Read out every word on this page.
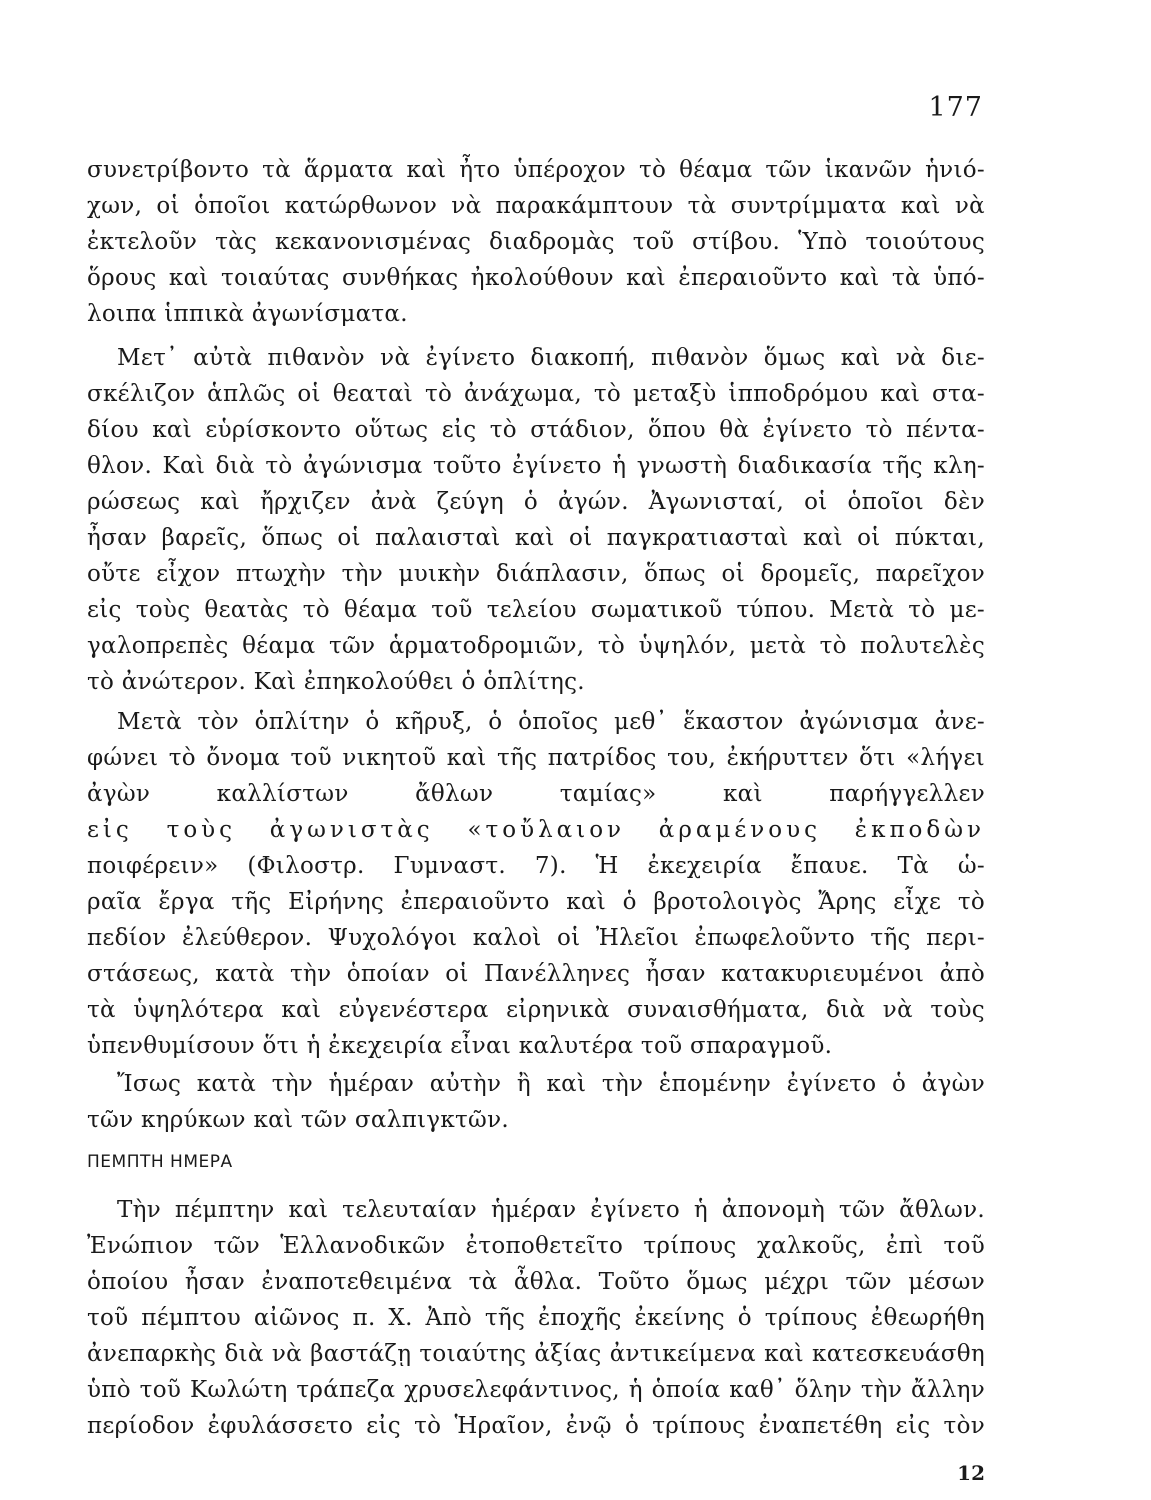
177
συνετρίβοντο τὰ ἅρματα καὶ ἦτο ὑπέροχον τὸ θέαμα τῶν ἱκανῶν ἡνιό-
χων, οἱ ὁποῖοι κατώρθωνον νὰ παρακάμπτουν τὰ συντρίμματα καὶ νὰ
ἐκτελοῦν τὰς κεκανονισμένας διαδρομὰς τοῦ στίβου. Ὑπὸ τοιούτους
ὅρους καὶ τοιαύτας συνθήκας ἠκολούθουν καὶ ἐπεραιοῦντο καὶ τὰ ὑπό-
λοιπα ἱππικὰ ἀγωνίσματα.
Μετ᾽ αὐτὰ πιθανὸν νὰ ἐγίνετο διακοπή, πιθανὸν ὅμως καὶ νὰ διε-
σκέλιζον ἁπλῶς οἱ θεαταὶ τὸ ἀνάχωμα, τὸ μεταξὺ ἱπποδρόμου καὶ στα-
δίου καὶ εὑρίσκοντο οὕτως εἰς τὸ στάδιον, ὅπου θὰ ἐγίνετο τὸ πέντα-
θλον. Καὶ διὰ τὸ ἀγώνισμα τοῦτο ἐγίνετο ἡ γνωστὴ διαδικασία τῆς κλη-
ρώσεως καὶ ἤρχιζεν ἀνὰ ζεύγη ὁ ἀγών. Ἀγωνισταί, οἱ ὁποῖοι δὲν
ἦσαν βαρεῖς, ὅπως οἱ παλαισταὶ καὶ οἱ παγκρατιασταὶ καὶ οἱ πύκται,
οὔτε εἶχον πτωχὴν τὴν μυικὴν διάπλασιν, ὅπως οἱ δρομεῖς, παρεῖχον
εἰς τοὺς θεατὰς τὸ θέαμα τοῦ τελείου σωματικοῦ τύπου. Μετὰ τὸ με-
γαλοπρεπὲς θέαμα τῶν ἁρματοδρομιῶν, τὸ ὑψηλόν, μετὰ τὸ πολυτελὲς
τὸ ἀνώτερον. Καὶ ἐπηκολούθει ὁ ὁπλίτης.
Μετὰ τὸν ὁπλίτην ὁ κῆρυξ, ὁ ὁποῖος μεθ᾽ ἕκαστον ἀγώνισμα ἀνε-
φώνει τὸ ὄνομα τοῦ νικητοῦ καὶ τῆς πατρίδος του, ἐκήρυττεν ὅτι «λήγει ἀγὼν καλλίστων ἄθλων ταμίας» καὶ παρήγγελλεν
εἰς τοὺς ἀγωνιστὰς «τοὔλαιον ἀραμένους ἐκποδὼν
ποιφέρειν» (Φιλοστρ. Γυμναστ. 7). Ἡ ἐκεχειρία ἔπαυε. Τὰ ὡ-
ραῖα ἔργα τῆς Εἰρήνης ἐπεραιοῦντο καὶ ὁ βροτολοιγὸς Ἄρης εἶχε τὸ
πεδίον ἐλεύθερον. Ψυχολόγοι καλοὶ οἱ Ἠλεῖοι ἐπωφελοῦντο τῆς περι-
στάσεως, κατὰ τὴν ὁποίαν οἱ Πανέλληνες ἦσαν κατακυριευμένοι ἀπὸ
τὰ ὑψηλότερα καὶ εὐγενέστερα εἰρηνικὰ συναισθήματα, διὰ νὰ τοὺς
ὑπενθυμίσουν ὅτι ἡ ἐκεχειρία εἶναι καλυτέρα τοῦ σπαραγμοῦ.
Ἴσως κατὰ τὴν ἡμέραν αὐτὴν ἢ καὶ τὴν ἑπομένην ἐγίνετο ὁ ἀγὼν
τῶν κηρύκων καὶ τῶν σαλπιγκτῶν.
ΠΕΜΠΤΗ ΗΜΕΡΑ
Τὴν πέμπτην καὶ τελευταίαν ἡμέραν ἐγίνετο ἡ ἀπονομὴ τῶν ἄθλων.
Ἐνώπιον τῶν Ἑλλανοδικῶν ἐτοποθετεῖτο τρίπους χαλκοῦς, ἐπὶ τοῦ
ὁποίου ἦσαν ἐναποτεθειμένα τὰ ἆθλα. Τοῦτο ὅμως μέχρι τῶν μέσων
τοῦ πέμπτου αἰῶνος π. Χ. Ἀπὸ τῆς ἐποχῆς ἐκείνης ὁ τρίπους ἐθεωρήθη
ἀνεπαρκὴς διὰ νὰ βαστάζῃ τοιαύτης ἀξίας ἀντικείμενα καὶ κατεσκευάσθη
ὑπὸ τοῦ Κωλώτη τράπεζα χρυσελεφάντινος, ἡ ὁποία καθ᾽ ὅλην τὴν ἄλλην
περίοδον ἐφυλάσσετο εἰς τὸ Ἡραῖον, ἐνῷ ὁ τρίπους ἐναπετέθη εἰς τὸν
12
